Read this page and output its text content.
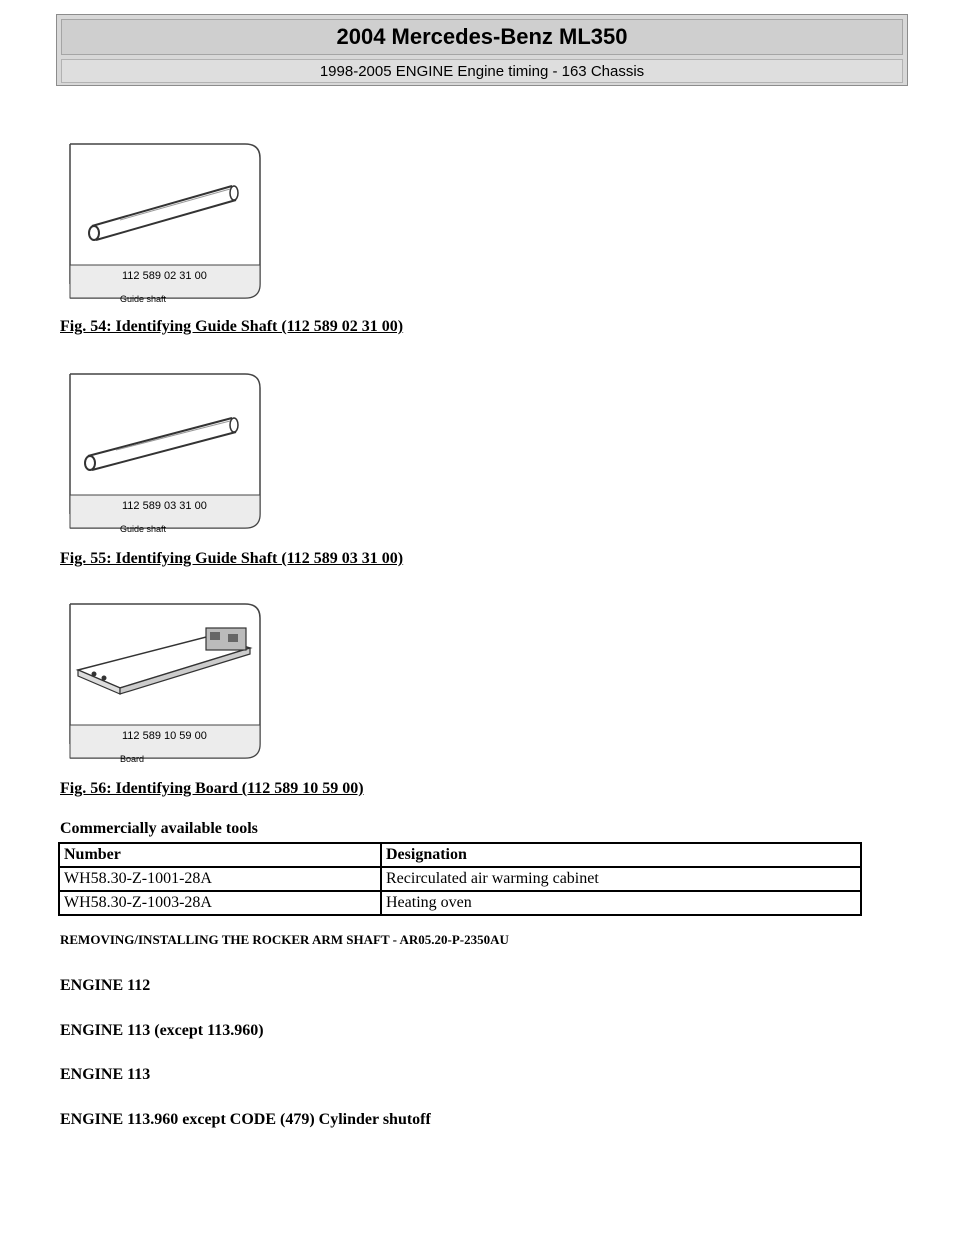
2004 Mercedes-Benz ML350
1998-2005 ENGINE Engine timing - 163 Chassis
112 589 02 31 00
Guide shaft
Fig. 54: Identifying Guide Shaft (112 589 02 31 00)
112 589 03 31 00
Guide shaft
Fig. 55: Identifying Guide Shaft (112 589 03 31 00)
112 589 10 59 00
Board
Fig. 56: Identifying Board (112 589 10 59 00)
Commercially available tools
Number	Designation
WH58.30-Z-1001-28A	Recirculated air warming cabinet
WH58.30-Z-1003-28A	Heating oven
REMOVING/INSTALLING THE ROCKER ARM SHAFT - AR05.20-P-2350AU
ENGINE 112
ENGINE 113 (except 113.960)
ENGINE 113
ENGINE 113.960 except CODE (479) Cylinder shutoff
